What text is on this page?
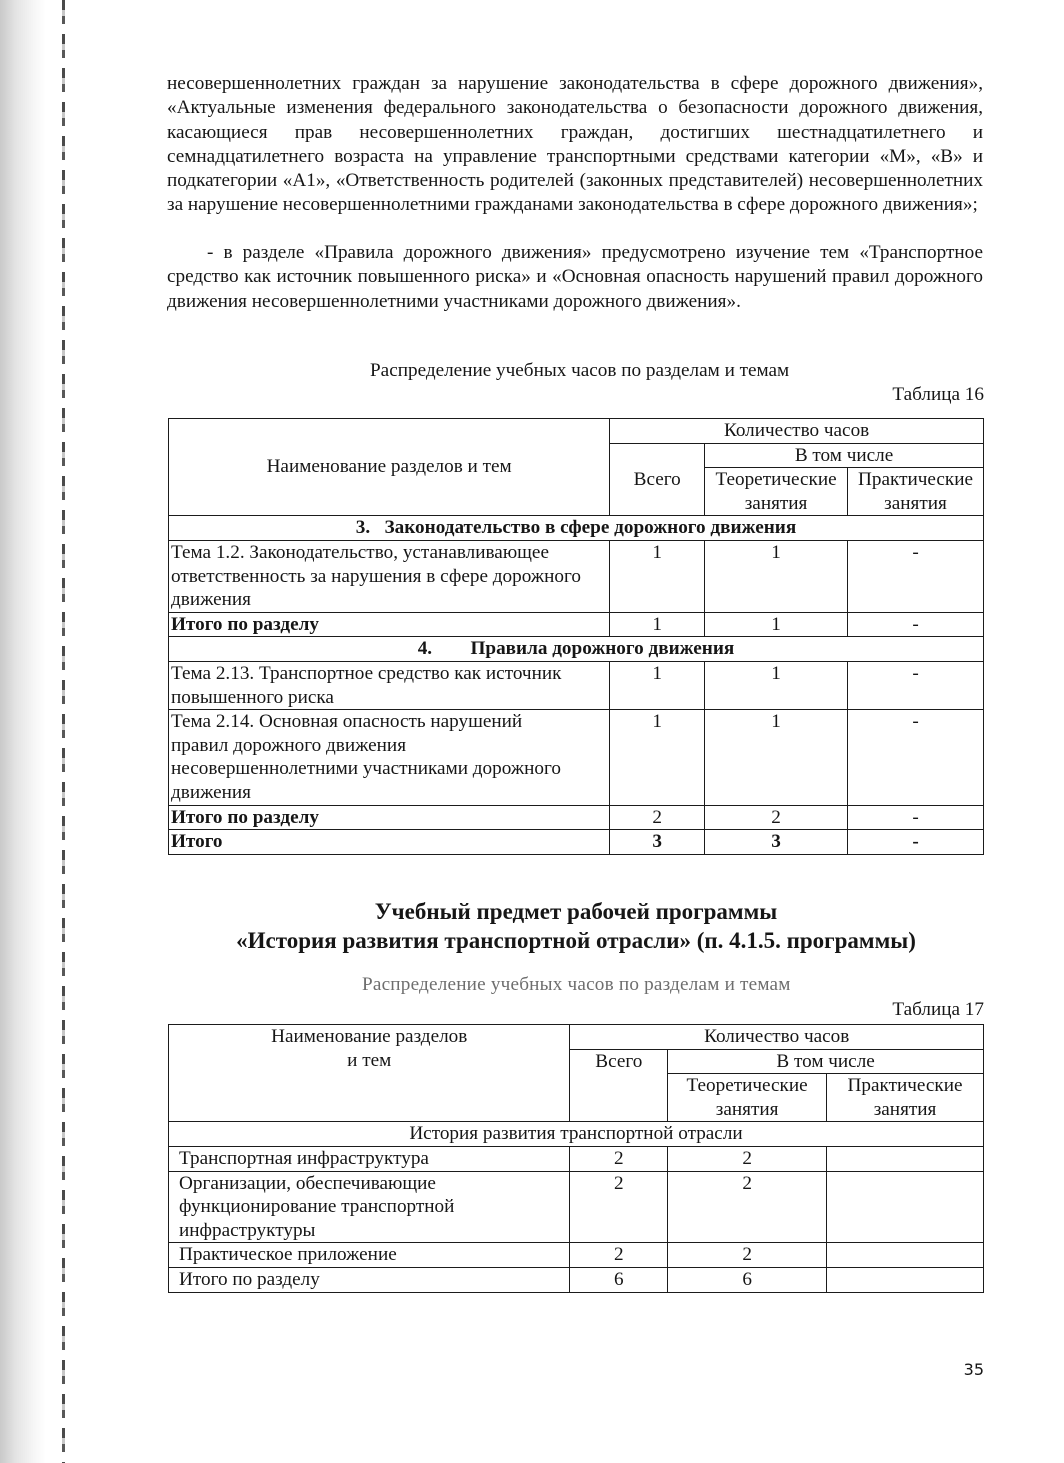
несовершеннолетних граждан за нарушение законодательства в сфере дорожного движения», «Актуальные изменения федерального законодательства о безопасности дорожного движения, касающиеся прав несовершеннолетних граждан, достигших шестнадцатилетнего и семнадцатилетнего возраста на управление транспортными средствами категории «М», «В» и подкатегории «А1», «Ответственность родителей (законных представителей) несовершеннолетних за нарушение несовершеннолетними гражданами законодательства в сфере дорожного движения»;

- в разделе «Правила дорожного движения» предусмотрено изучение тем «Транспортное средство как источник повышенного риска» и «Основная опасность нарушений правил дорожного движения несовершеннолетними участниками дорожного движения».

Распределение учебных часов по разделам и темам
Таблица 16
Наименование разделов и тем	Количество часов		
	Всего	В том числе	
		Теоретические занятия	Практические занятия
3.   Законодательство в сфере дорожного движения			
Тема 1.2. Законодательство, устанавливающее ответственность за нарушения в сфере дорожного движения	1	1	-
Итого по разделу	1	1	-
4.        Правила дорожного движения			
Тема 2.13. Транспортное средство как источник повышенного риска	1	1	-
Тема 2.14. Основная опасность нарушений правил дорожного движения несовершеннолетними участниками дорожного движения	1	1	-
Итого по разделу	2	2	-
Итого	3	3	-
Учебный предмет рабочей программы
«История развития транспортной отрасли» (п. 4.1.5. программы)
Распределение учебных часов по разделам и темам
Таблица 17
Наименование разделов и тем	Количество часов		
	Всего	В том числе	
		Теоретические занятия	Практические занятия
История развития транспортной отрасли			
Транспортная инфраструктура	2	2	
Организации, обеспечивающие функционирование транспортной инфраструктуры	2	2	
Практическое приложение	2	2	
Итого по разделу	6	6	
35
